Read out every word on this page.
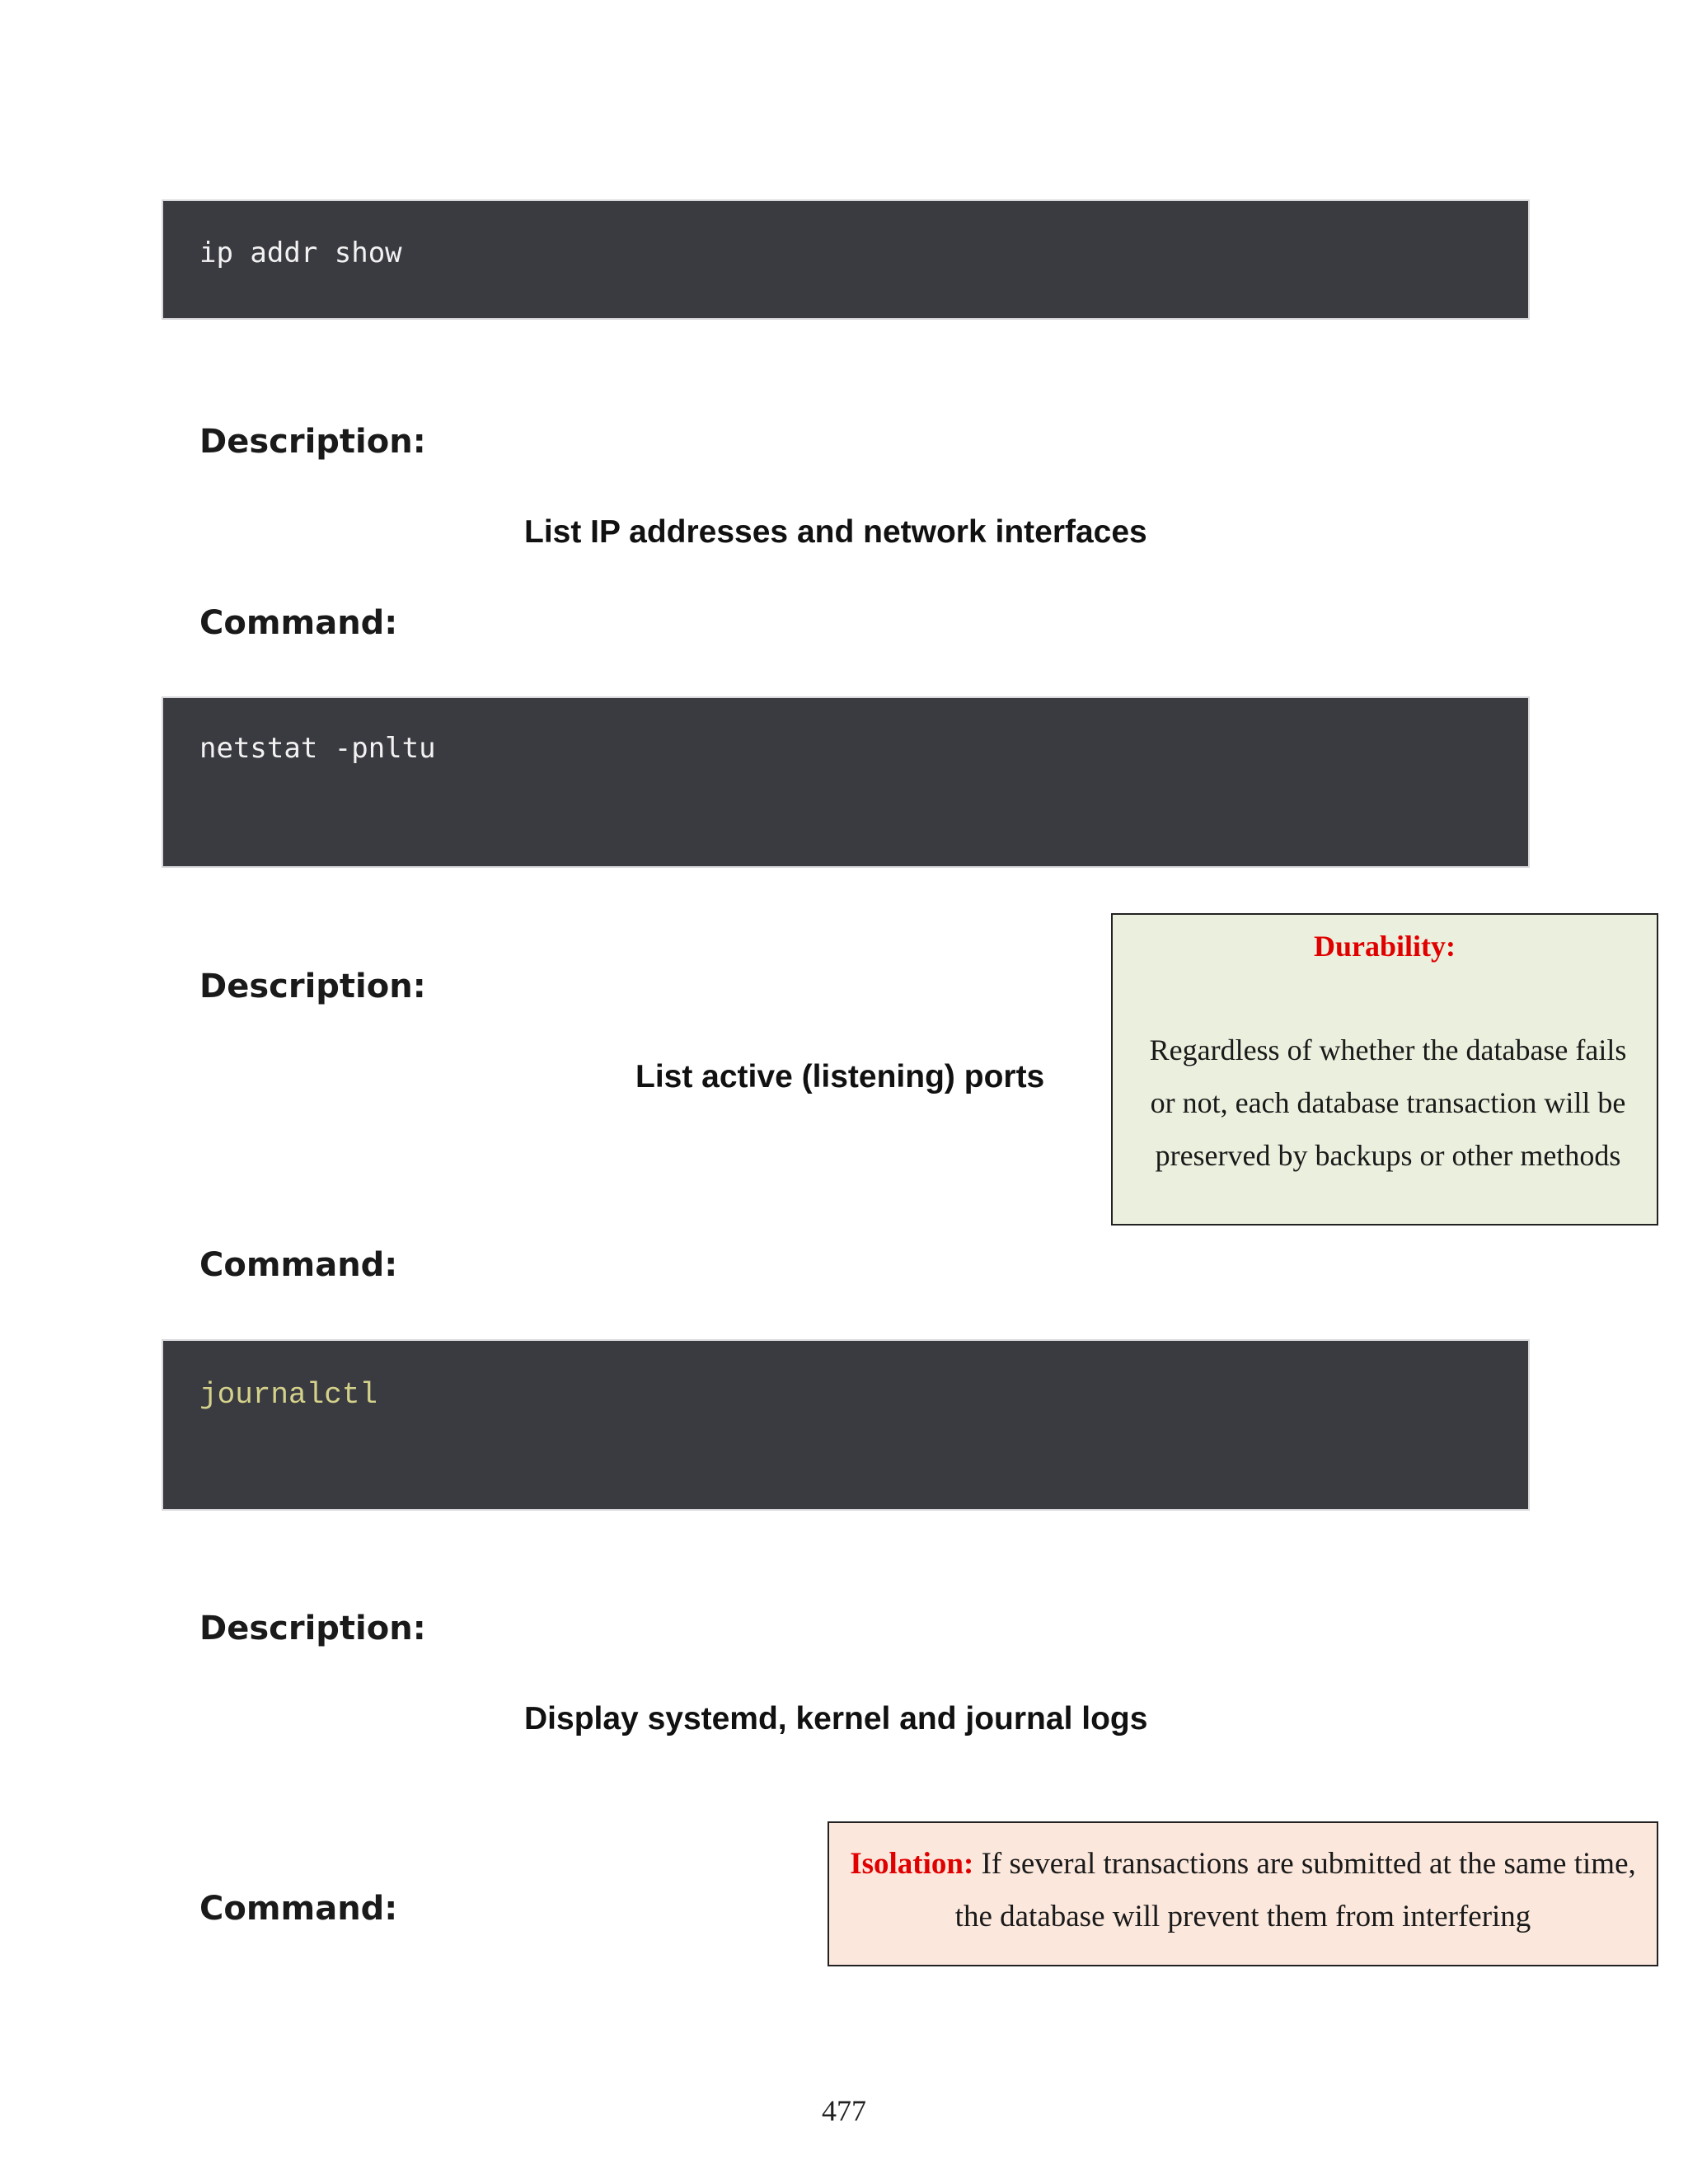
ip addr show
Description:
List IP addresses and network interfaces
Command:
netstat -pnltu
Description:
List active (listening) ports
Command:
journalctl
Description:
Display systemd, kernel and journal logs
Command:
Durability:
Regardless of whether the database fails or not, each database transaction will be preserved by backups or other methods
Isolation: If several transactions are submitted at the same time, the database will prevent them from interfering
477
